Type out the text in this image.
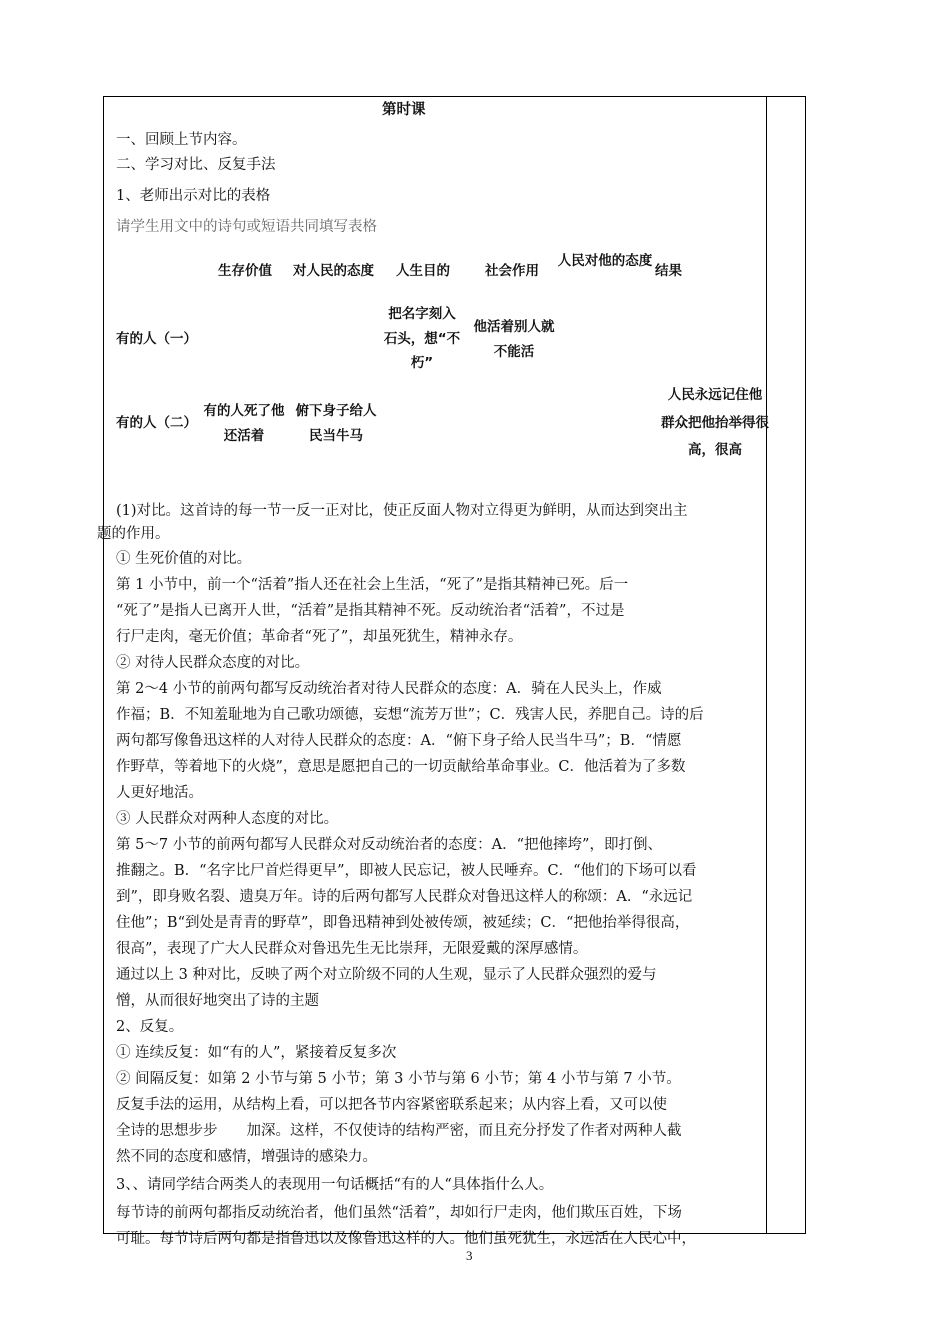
第时课
一、回顾上节内容。
二、学习对比、反复手法
1、老师出示对比的表格
请学生用文中的诗句或短语共同填写表格
生存价值 对人民的态度 人生目的	社会作用
人民对他的态度
结果
有的人（一）
把名字刻入
石头，想“不
朽”
他活着别人就
不能活
有的人（二）
有的人死了他
还活着
俯下身子给人
民当牛马
人民永远记住他
群众把他抬举得很
高，很高
(1)对比。这首诗的每一节一反一正对比，使正反面人物对立得更为鲜明，从而达到突出主
题的作用。
① 生死价值的对比。
第 1 小节中，前一个“活着”指人还在社会上生活，“死了”是指其精神已死。后一
“死了”是指人已离开人世，“活着”是指其精神不死。反动统治者“活着”，不过是
行尸走肉，毫无价值；革命者“死了”，却虽死犹生，精神永存。
② 对待人民群众态度的对比。
第 2～4 小节的前两句都写反动统治者对待人民群众的态度：A．骑在人民头上，作威
作福；B．不知羞耻地为自己歌功颂德，妄想“流芳万世”；C．残害人民，养肥自己。诗的后
两句都写像鲁迅这样的人对待人民群众的态度：A．“俯下身子给人民当牛马”；B．“情愿
作野草，等着地下的火烧”，意思是愿把自己的一切贡献给革命事业。C．他活着为了多数
人更好地活。
③ 人民群众对两种人态度的对比。
第 5～7 小节的前两句都写人民群众对反动统治者的态度：A．“把他摔垮”，即打倒、
推翻之。B．“名字比尸首烂得更早”，即被人民忘记，被人民唾弃。C．“他们的下场可以看
到”，即身败名裂、遗臭万年。诗的后两句都写人民群众对鲁迅这样人的称颂：A．“永远记
住他”；B“到处是青青的野草”，即鲁迅精神到处被传颂，被延续；C．“把他抬举得很高，
很高”，表现了广大人民群众对鲁迅先生无比崇拜，无限爱戴的深厚感情。
通过以上 3 种对比，反映了两个对立阶级不同的人生观，显示了人民群众强烈的爱与
憎，从而很好地突出了诗的主题
2、反复。
① 连续反复：如“有的人”，紧接着反复多次
② 间隔反复：如第 2 小节与第 5 小节；第 3 小节与第 6 小节；第 4 小节与第 7 小节。
反复手法的运用，从结构上看，可以把各节内容紧密联系起来；从内容上看，又可以使
全诗的思想步步　　加深。这样，不仅使诗的结构严密，而且充分抒发了作者对两种人截
然不同的态度和感情，增强诗的感染力。
3、、请同学结合两类人的表现用一句话概括“有的人“具体指什么人。
每节诗的前两句都指反动统治者，他们虽然“活着”，却如行尸走肉，他们欺压百姓，下场
可耻。每节诗后两句都是指鲁迅以及像鲁迅这样的人。他们虽死犹生，永远活在人民心中，
3
